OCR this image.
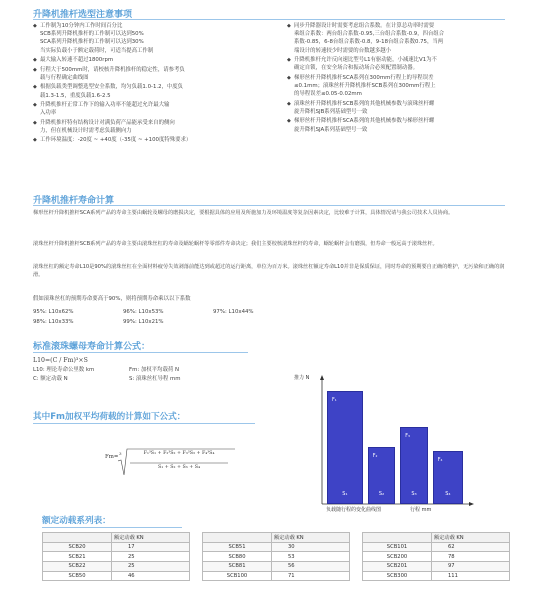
升降机推杆选型注意事项
◆ 工作制为10分钟内工作时间百分比
SCB系列升降机推杆的工作制可以达到50%
SCA系列升降机推杆的工作制可以达到30%
当实际负载小于额定载荷时，可适当提高工作制
◆ 最大输入转速不超过1800rpm
◆ 行程大于500mm时，请校核升降机推杆的稳定性，请参考负
载与行程确定曲线图
◆ 根据负载类型调整选型安全系数，均匀负载1.0-1.2，中度负
载1.3-1.5，重度负载1.6-2.5
◆ 升降机推杆正常工作下的输入功率不能超过允许最大输
入功率
◆ 升降机推杆特有结构设计对满负荷产品能承受来自的侧向
力，但在机械设计时需考虑负载侧向力
◆ 工作环境温度：-20度 ~ +40度（-35度 ~ +100度特殊要求）
◆ 同步升降器设计时需要考虑组合系数。在计算总功率时需要
乘组合系数：两台组合系数-0.95,三台组合系数-0.9，四台组合
系数-0.85，6-8台组合系数-0.8，9-18台组合系数0.75，当两
端设计的转速较少时需要的台数越多越小
◆ 升降机推杆允许反向速比型号L1有驱动能，小减速比V1为不
确定自锁，在安全场合和振动场合必须配置制动器。
◆ 梯形丝杆升降机推杆SCA系列在300mm行程上的导程误差
≤0.1mm；滚珠丝杆升降机推杆SCB系列在300mm行程上
的导程误差≤0.05-0.02mm
◆ 滚珠丝杆升降机推杆SCB系列的其他机械参数与滚珠丝杆螺
旋升降机SJB系列基础型号一致
◆ 梯形丝杆升降机推杆SCA系列的其他机械参数与梯形丝杆螺
旋升降机SJA系列基础型号一致
升降机推杆寿命计算
梯形丝杆升降机推杆SCA系列产品的寿命主要由蜗轮及螺母的磨损决定，要根据具体的应用及所施加力及环境温度等复杂因素决定，比较难于计算，具体情况请与我公司技术人员协商。
滚珠丝杆升降机推杆SCB系列产品的寿命主要由滚珠丝杠的寿命及蜗轮蜗杆等零部件寿命决定；我们主要校核滚珠丝杆的寿命，蜗轮蜗杆会有磨损，但寿命一般远高于滚珠丝杆。
滚珠丝杠的额定寿命L10是90%的滚珠丝杠在全面材料疲劳失效剥落前能达到或超过的运行距离，单位为百万米。滚珠丝杠额定寿命L10并非是保质保证，同时寿命的预期要自正确的维护，无污染和正确的润滑。
假如滚珠丝杠的预期寿命要高于90%，则将预期寿命乘以以下系数
95%: L10x62%	96%: L10x53%	97%: L10x44%
98%: L10x33%	99%: L10x21%
标准滚珠螺母寿命计算公式：
L10=(C / Fm)³×S
L10: 理论寿命公里数 km	Fm: 加权平均载荷 N
C: 额定动载 N	S: 滚珠丝杠导程 mm
其中Fm加权平均荷载的计算如下公式：
Fm=
3	F₁³S₁ + F₂³S₂ + F₃³S₃ + F₄³S₄
S₁ + S₂ + S₃ + S₄
推力 N
F₁
S₁
F₂
S₂
F₃
S₃
F₄
S₄
负载随行程的变化曲线图	行程 mm
额定动载系列表：
	额定动载 KN
SCB20	17
SCB21	25
SCB22	25
SCB50	46
	额定动载 KN
SCB51	30
SCB80	53
SCB81	56
SCB100	71
	额定动载 KN
SCB101	62
SCB200	78
SCB201	97
SCB300	111
